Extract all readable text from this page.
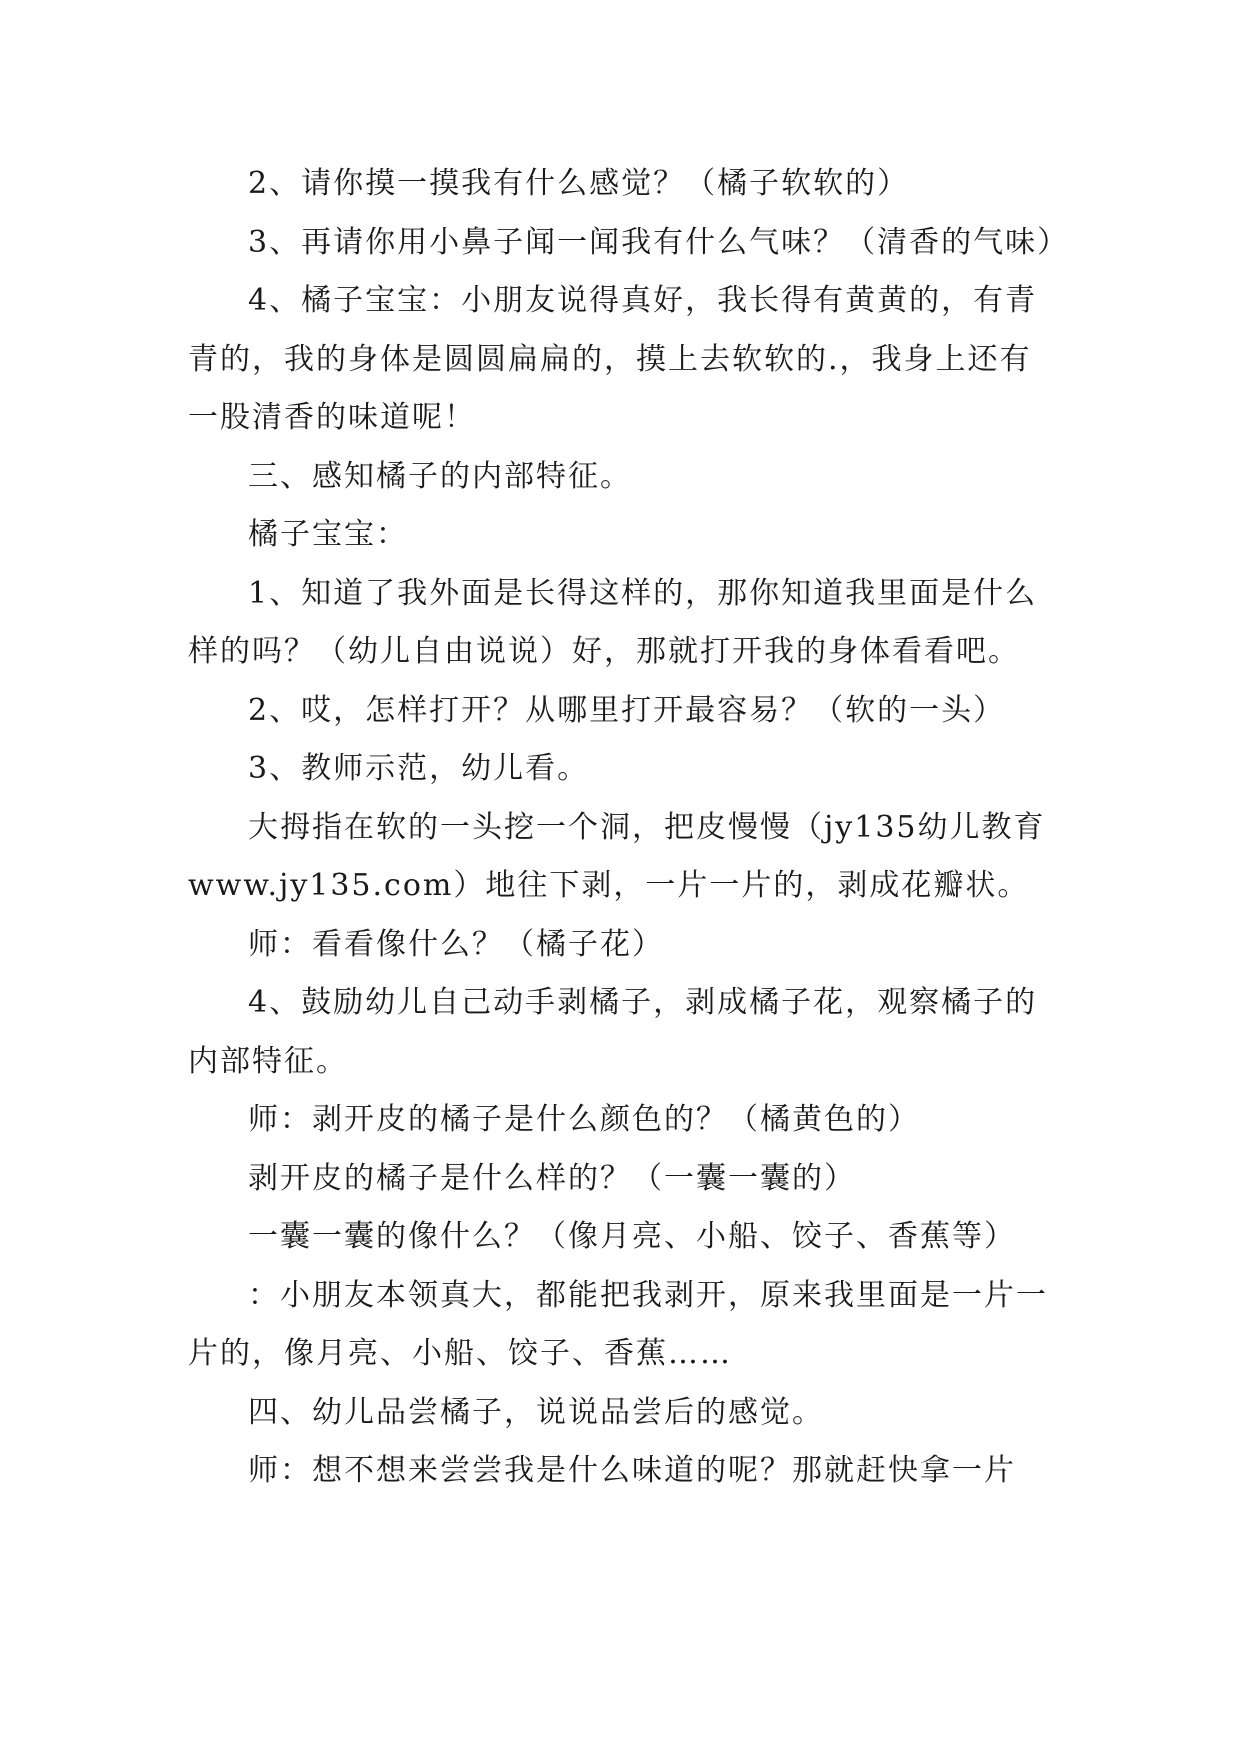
2、请你摸一摸我有什么感觉？（橘子软软的）

3、再请你用小鼻子闻一闻我有什么气味？（清香的气味）

4、橘子宝宝：小朋友说得真好，我长得有黄黄的，有青青的，我的身体是圆圆扁扁的，摸上去软软的.，我身上还有一股清香的味道呢！

三、感知橘子的内部特征。

橘子宝宝：

1、知道了我外面是长得这样的，那你知道我里面是什么样的吗？（幼儿自由说说）好，那就打开我的身体看看吧。

2、哎，怎样打开？从哪里打开最容易？（软的一头）

3、教师示范，幼儿看。

大拇指在软的一头挖一个洞，把皮慢慢（jy135幼儿教育 www.jy135.com）地往下剥，一片一片的，剥成花瓣状。

师：看看像什么？（橘子花）

4、鼓励幼儿自己动手剥橘子，剥成橘子花，观察橘子的内部特征。

师：剥开皮的橘子是什么颜色的？（橘黄色的）

剥开皮的橘子是什么样的？（一囊一囊的）

一囊一囊的像什么？（像月亮、小船、饺子、香蕉等）

：小朋友本领真大，都能把我剥开，原来我里面是一片一片的，像月亮、小船、饺子、香蕉……

四、幼儿品尝橘子，说说品尝后的感觉。

师：想不想来尝尝我是什么味道的呢？那就赶快拿一片
